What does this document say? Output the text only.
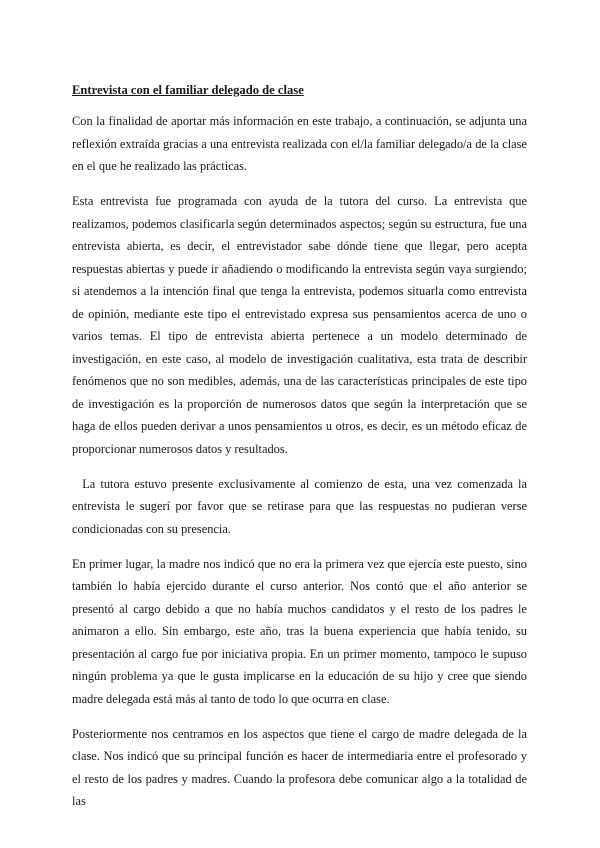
Entrevista con el familiar delegado de clase

Con la finalidad de aportar más información en este trabajo, a continuación, se adjunta una reflexión extraída gracias a una entrevista realizada con el/la familiar delegado/a de la clase en el que he realizado las prácticas.

Esta entrevista fue programada con ayuda de la tutora del curso. La entrevista que realizamos, podemos clasificarla según determinados aspectos; según su estructura, fue una entrevista abierta, es decir, el entrevistador sabe dónde tiene que llegar, pero acepta respuestas abiertas y puede ir añadiendo o modificando la entrevista según vaya surgiendo; si atendemos a la intención final que tenga la entrevista, podemos situarla como entrevista de opinión, mediante este tipo el entrevistado expresa sus pensamientos acerca de uno o varios temas. El tipo de entrevista abierta pertenece a un modelo determinado de investigación, en este caso, al modelo de investigación cualitativa, esta trata de describir fenómenos que no son medibles, además, una de las características principales de este tipo de investigación es la proporción de numerosos datos que según la interpretación que se haga de ellos pueden derivar a unos pensamientos u otros, es decir, es un método eficaz de proporcionar numerosos datos y resultados.

La tutora estuvo presente exclusivamente al comienzo de esta, una vez comenzada la entrevista le sugerí por favor que se retirase para que las respuestas no pudieran verse condicionadas con su presencia.

En primer lugar, la madre nos indicó que no era la primera vez que ejercía este puesto, sino también lo había ejercido durante el curso anterior. Nos contó que el año anterior se presentó al cargo debido a que no había muchos candidatos y el resto de los padres le animaron a ello. Sin embargo, este año, tras la buena experiencia que había tenido, su presentación al cargo fue por iniciativa propia. En un primer momento, tampoco le supuso ningún problema ya que le gusta implicarse en la educación de su hijo y cree que siendo madre delegada está más al tanto de todo lo que ocurra en clase.

Posteriormente nos centramos en los aspectos que tiene el cargo de madre delegada de la clase. Nos indicó que su principal función es hacer de intermediaria entre el profesorado y el resto de los padres y madres. Cuando la profesora debe comunicar algo a la totalidad de las
